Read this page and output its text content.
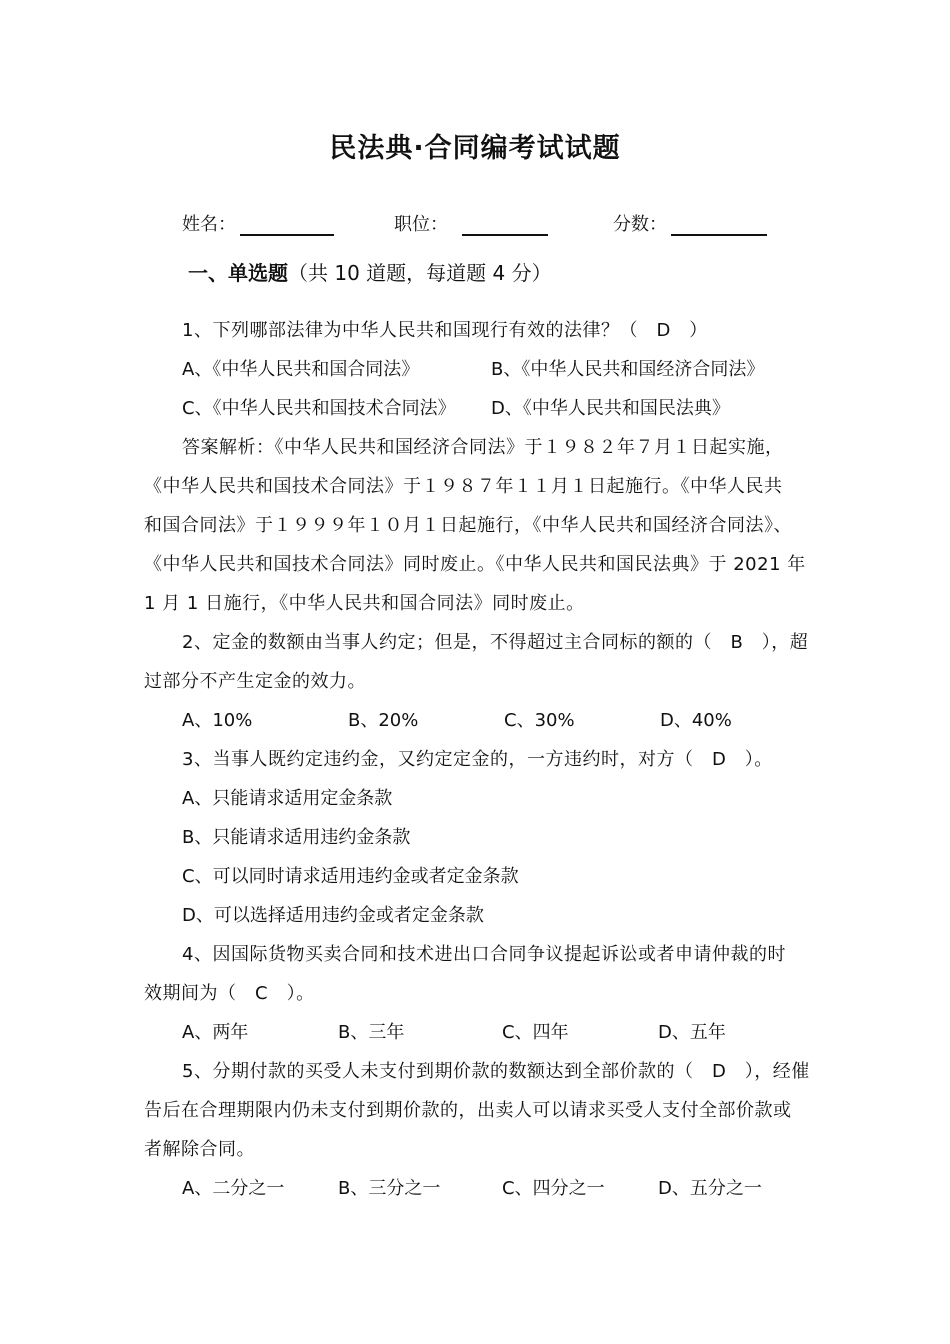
民法典·合同编考试试题
姓名：	职位：	分数：
一、单选题（共 10 道题，每道题 4 分）
1、下列哪部法律为中华人民共和国现行有效的法律？（　D　）
A、《中华人民共和国合同法》	B、《中华人民共和国经济合同法》
C、《中华人民共和国技术合同法》 D、《中华人民共和国民法典》
答案解析：《中华人民共和国经济合同法》于１９８２年７月１日起实施，
《中华人民共和国技术合同法》于１９８７年１１月１日起施行。《中华人民共
和国合同法》于１９９９年１０月１日起施行，《中华人民共和国经济合同法》、
《中华人民共和国技术合同法》同时废止。《中华人民共和国民法典》于 2021 年
1 月 1 日施行，《中华人民共和国合同法》同时废止。
2、定金的数额由当事人约定；但是，不得超过主合同标的额的（　B　），超
过部分不产生定金的效力。
A、10%	B、20%	C、30%	D、40%
3、当事人既约定违约金，又约定定金的，一方违约时，对方（　D　）。
A、只能请求适用定金条款
B、只能请求适用违约金条款
C、可以同时请求适用违约金或者定金条款
D、可以选择适用违约金或者定金条款
4、因国际货物买卖合同和技术进出口合同争议提起诉讼或者申请仲裁的时
效期间为（　C　）。
A、两年	B、三年	C、四年	D、五年
5、分期付款的买受人未支付到期价款的数额达到全部价款的（　D　），经催
告后在合理期限内仍未支付到期价款的，出卖人可以请求买受人支付全部价款或
者解除合同。
A、二分之一	B、三分之一	C、四分之一	D、五分之一
